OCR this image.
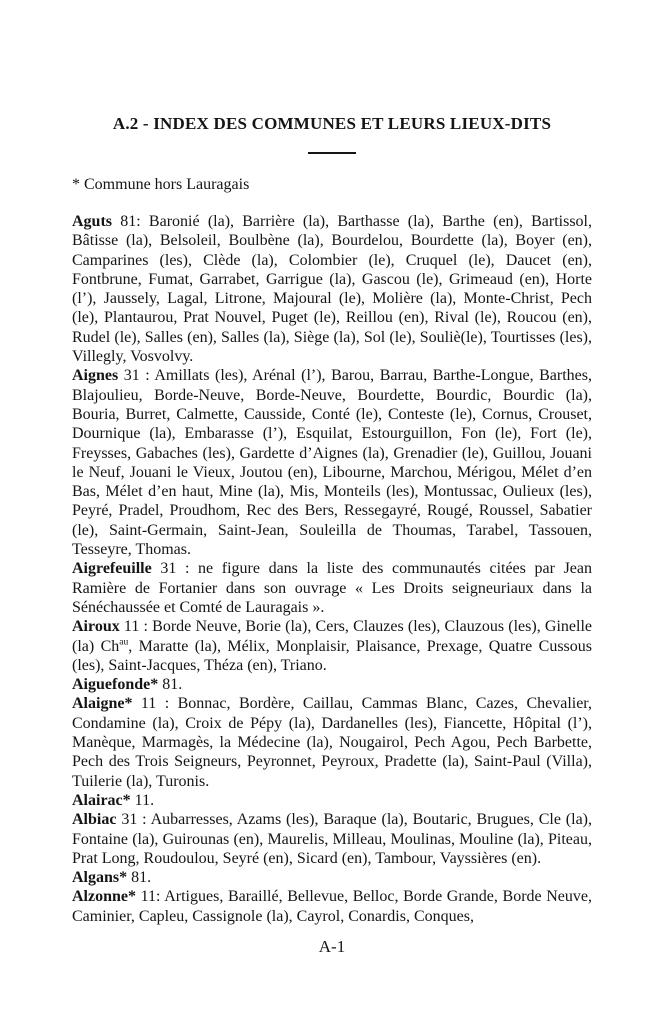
A.2 - INDEX DES COMMUNES ET LEURS LIEUX-DITS

* Commune hors Lauragais

Aguts 81: Baronié (la), Barrière (la), Barthasse (la), Barthe (en), Bartissol, Bâtisse (la), Belsoleil, Boulbène (la), Bourdelou, Bourdette (la), Boyer (en), Camparines (les), Clède (la), Colombier (le), Cruquel (le), Daucet (en), Fontbrune, Fumat, Garrabet, Garrigue (la), Gascou (le), Grimeaud (en), Horte (l’), Jaussely, Lagal, Litrone, Majoural (le), Molière (la), Monte-Christ, Pech (le), Plantaurou, Prat Nouvel, Puget (le), Reillou (en), Rival (le), Roucou (en), Rudel (le), Salles (en), Salles (la), Siège (la), Sol (le), Souliè(le), Tourtisses (les), Villegly, Vosvolvy.

Aignes 31 : Amillats (les), Arénal (l’), Barou, Barrau, Barthe-Longue, Barthes, Blajoulieu, Borde-Neuve, Borde-Neuve, Bourdette, Bourdic, Bourdic (la), Bouria, Burret, Calmette, Causside, Conté (le), Conteste (le), Cornus, Crouset, Dournique (la), Embarasse (l’), Esquilat, Estourguillon, Fon (le), Fort (le), Freysses, Gabaches (les), Gardette d’Aignes (la), Grenadier (le), Guillou, Jouani le Neuf, Jouani le Vieux, Joutou (en), Libourne, Marchou, Mérigou, Mélet d’en Bas, Mélet d’en haut, Mine (la), Mis, Monteils (les), Montussac, Oulieux (les), Peyré, Pradel, Proudhom, Rec des Bers, Ressegayré, Rougé, Roussel, Sabatier (le), Saint-Germain, Saint-Jean, Souleilla de Thoumas, Tarabel, Tassouen, Tesseyre, Thomas.

Aigrefeuille 31 : ne figure dans la liste des communautés citées par Jean Ramière de Fortanier dans son ouvrage « Les Droits seigneuriaux dans la Sénéchaussée et Comté de Lauragais ».

Airoux 11 : Borde Neuve, Borie (la), Cers, Clauzes (les), Clauzous (les), Ginelle (la) $Ch^{au}$, Maratte (la), Mélix, Monplaisir, Plaisance, Prexage, Quatre Cussous (les), Saint-Jacques, Théza (en), Triano.

Aiguefonde* 81.

Alaigne* 11 : Bonnac, Bordère, Caillau, Cammas Blanc, Cazes, Chevalier, Condamine (la), Croix de Pépy (la), Dardanelles (les), Fiancette, Hôpital (l’), Manèque, Marmagès, la Médecine (la), Nougairol, Pech Agou, Pech Barbette, Pech des Trois Seigneurs, Peyronnet, Peyroux, Pradette (la), Saint-Paul (Villa), Tuilerie (la), Turonis.

Alairac* 11.

Albiac 31 : Aubarresses, Azams (les), Baraque (la), Boutaric, Brugues, Cle (la), Fontaine (la), Guirounas (en), Maurelis, Milleau, Moulinas, Mouline (la), Piteau, Prat Long, Roudoulou, Seyré (en), Sicard (en), Tambour, Vayssières (en).

Algans* 81.

Alzonne* 11: Artigues, Baraillé, Bellevue, Belloc, Borde Grande, Borde Neuve, Caminier, Capleu, Cassignole (la), Cayrol, Conardis, Conques,

A-1
